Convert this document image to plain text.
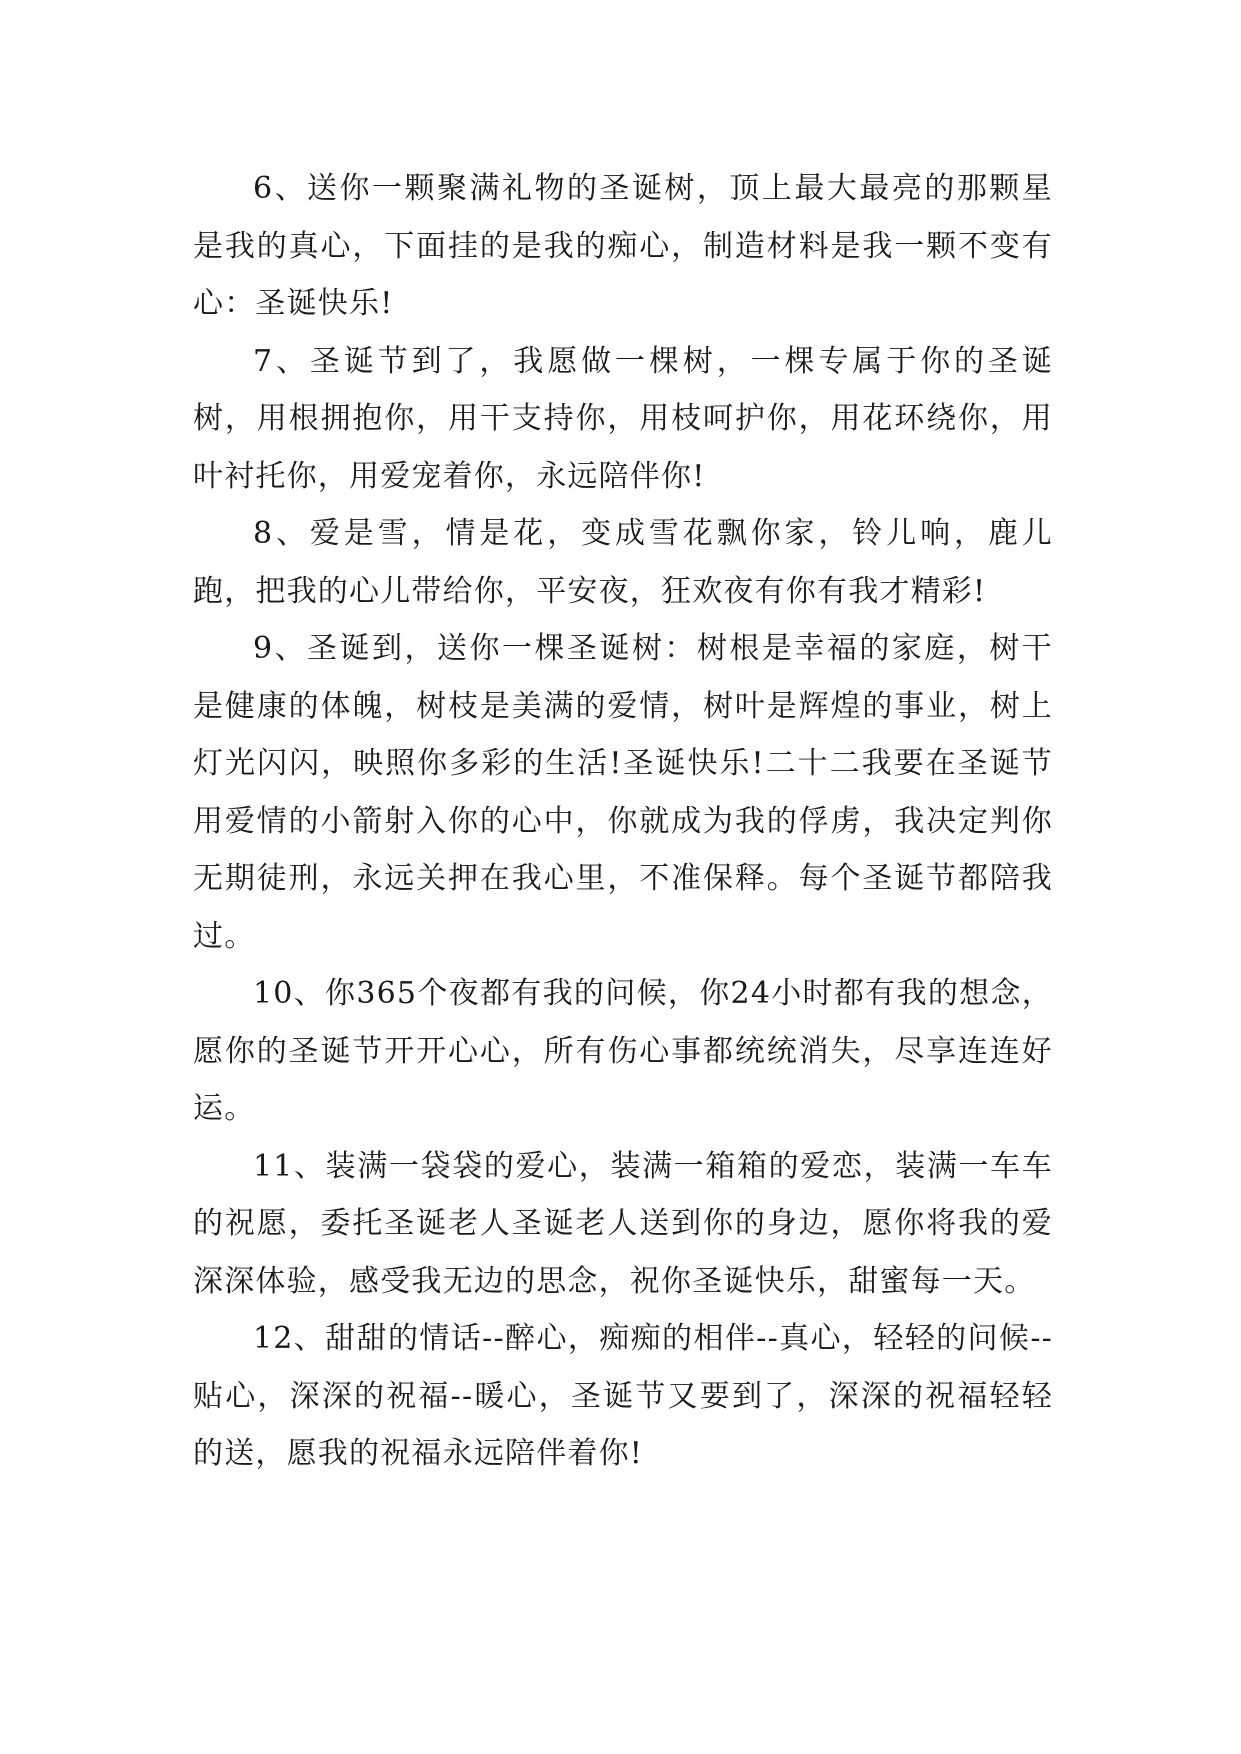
6、送你一颗聚满礼物的圣诞树，顶上最大最亮的那颗星是我的真心，下面挂的是我的痴心，制造材料是我一颗不变有心：圣诞快乐!

7、圣诞节到了，我愿做一棵树，一棵专属于你的圣诞树，用根拥抱你，用干支持你，用枝呵护你，用花环绕你，用叶衬托你，用爱宠着你，永远陪伴你!

8、爱是雪，情是花，变成雪花飘你家，铃儿响，鹿儿跑，把我的心儿带给你，平安夜，狂欢夜有你有我才精彩!

9、圣诞到，送你一棵圣诞树：树根是幸福的家庭，树干是健康的体魄，树枝是美满的爱情，树叶是辉煌的事业，树上灯光闪闪，映照你多彩的生活!圣诞快乐!二十二我要在圣诞节用爱情的小箭射入你的心中，你就成为我的俘虏，我决定判你无期徒刑，永远关押在我心里，不准保释。每个圣诞节都陪我过。

10、你365个夜都有我的问候，你24小时都有我的想念，愿你的圣诞节开开心心，所有伤心事都统统消失，尽享连连好运。

11、装满一袋袋的爱心，装满一箱箱的爱恋，装满一车车的祝愿，委托圣诞老人圣诞老人送到你的身边，愿你将我的爱深深体验，感受我无边的思念，祝你圣诞快乐，甜蜜每一天。

12、甜甜的情话--醉心，痴痴的相伴--真心，轻轻的问候--贴心，深深的祝福--暖心，圣诞节又要到了，深深的祝福轻轻的送，愿我的祝福永远陪伴着你!
